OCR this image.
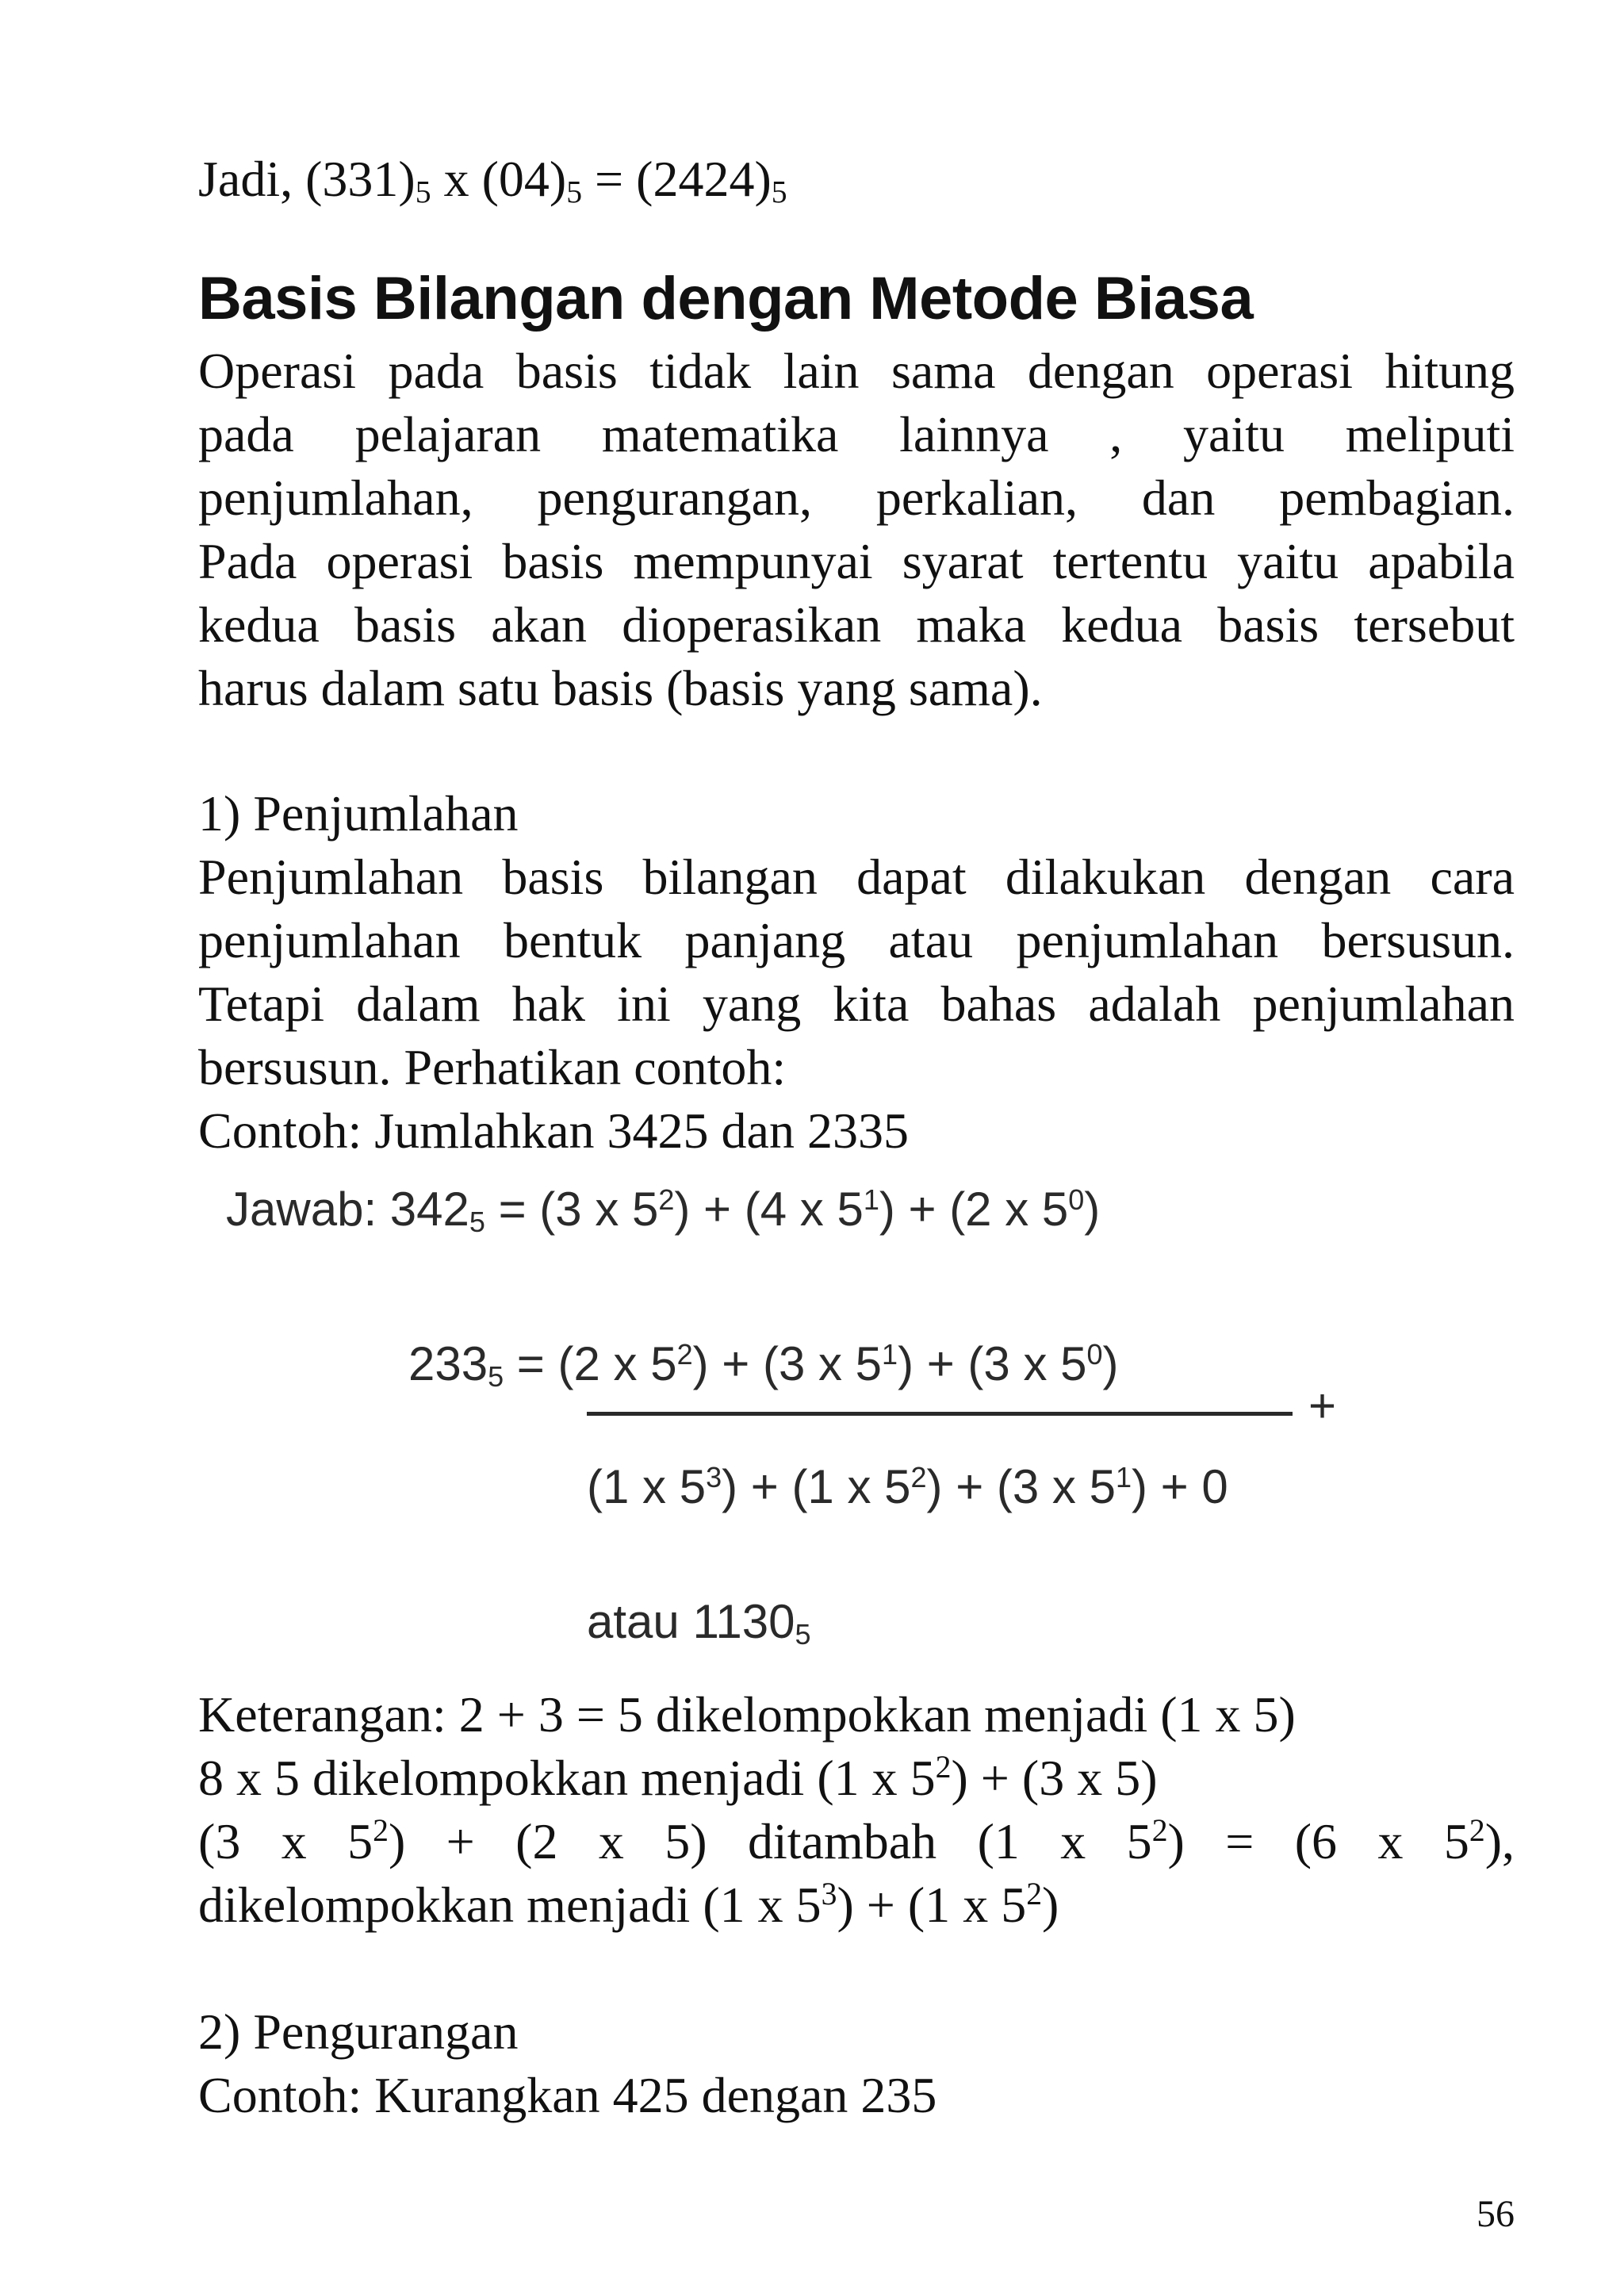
Jadi, $(331)_5$ x $(04)_5 = (2424)_5$
Basis Bilangan dengan Metode Biasa
Operasi pada basis tidak lain sama dengan operasi hitung
pada pelajaran matematika lainnya , yaitu meliputi
penjumlahan, pengurangan, perkalian, dan pembagian.
Pada operasi basis mempunyai syarat tertentu yaitu apabila
kedua basis akan dioperasikan maka kedua basis tersebut
harus dalam satu basis (basis yang sama).
1) Penjumlahan
Penjumlahan basis bilangan dapat dilakukan dengan cara
penjumlahan bentuk panjang atau penjumlahan bersusun.
Tetapi dalam hak ini yang kita bahas adalah penjumlahan
bersusun. Perhatikan contoh:
Contoh: Jumlahkan 3425 dan 2335
Jawab: $342_5 = (3$ x $5^2) + (4$ x $5^1) + (2$ x $5^0$)
$233_5 = (2$ x $5^2) + (3$ x $5^1) + (3$ x $5^0$)
+
(1 x $5^3) + (1$ x $5^2) + (3$ x $5^1) + 0$
atau $1130_5$
Keterangan: 2 + 3 = 5 dikelompokkan menjadi (1 x 5)
8 x 5 dikelompokkan menjadi (1 x $5^2) + (3$ x 5)
(3 x $5^2) + (2$ x 5) ditambah (1 x $5^2) = (6$ x $5^2$),
dikelompokkan menjadi (1 x $5^3) + (1$ x $5^2$)
2) Pengurangan
Contoh: Kurangkan 425 dengan 235
56
